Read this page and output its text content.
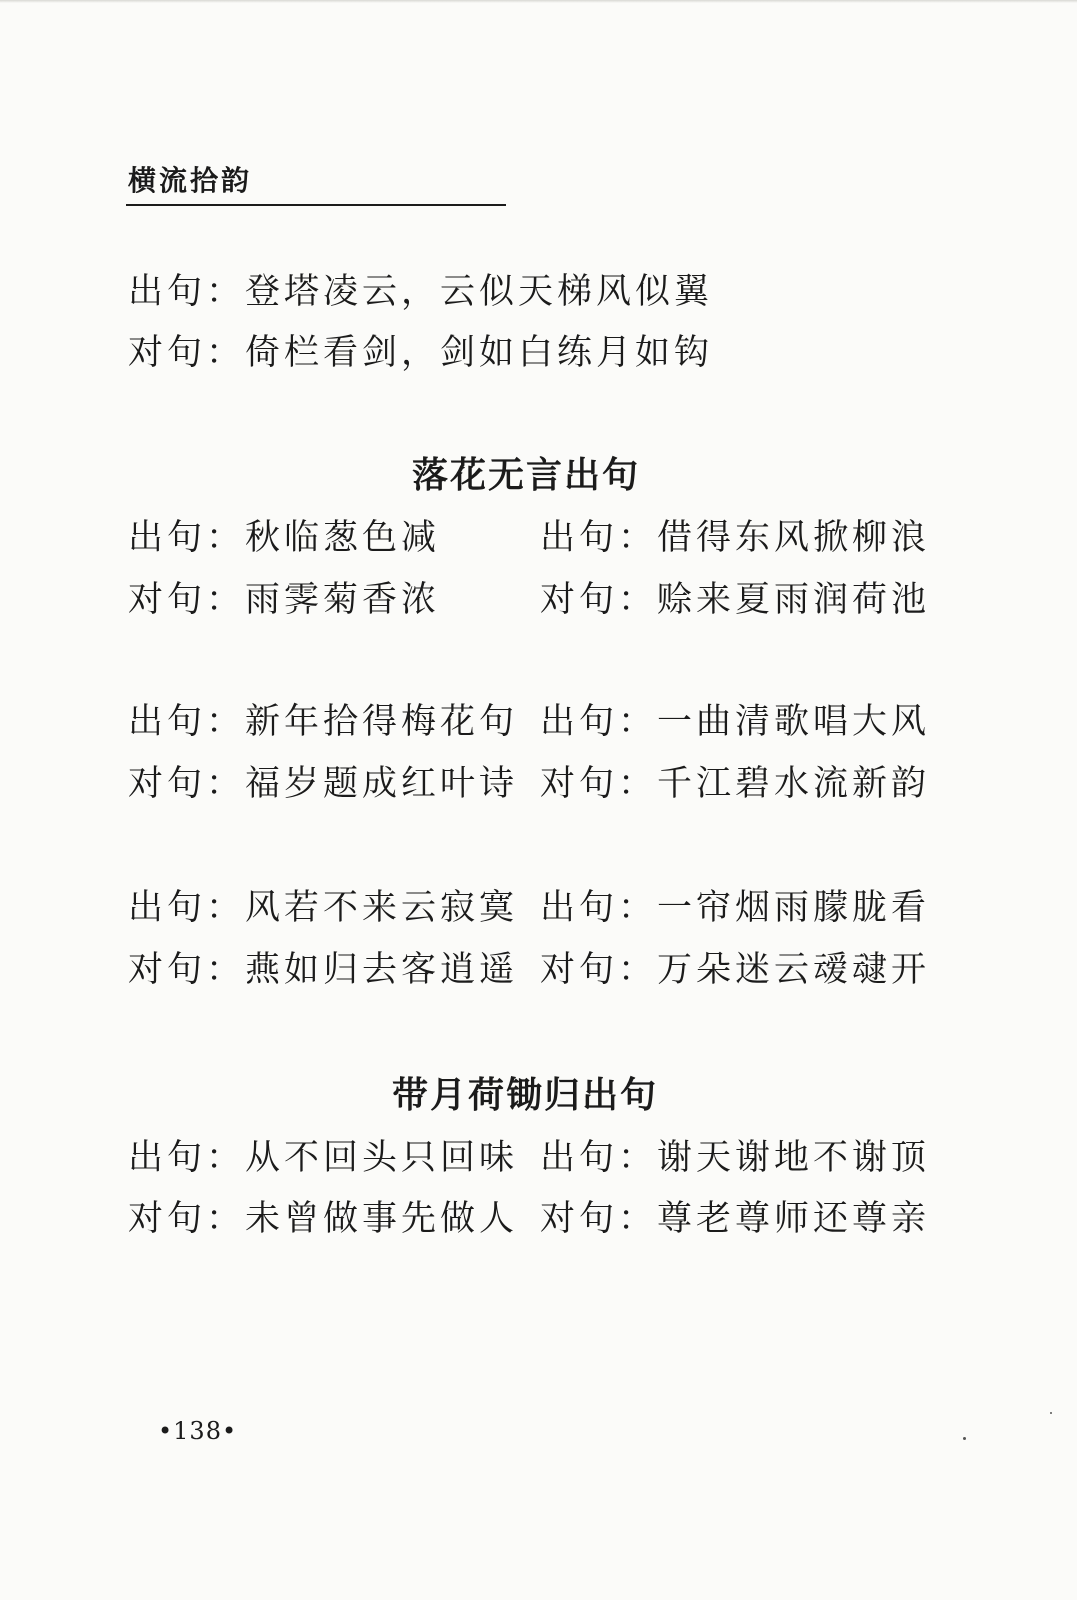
横流拾韵
出句：登塔凌云，云似天梯风似翼
对句：倚栏看剑，剑如白练月如钩
落花无言出句
出句：秋临葱色减
对句：雨霁菊香浓
出句：借得东风掀柳浪
对句：赊来夏雨润荷池
出句：新年拾得梅花句
对句：福岁题成红叶诗
出句：一曲清歌唱大风
对句：千江碧水流新韵
出句：风若不来云寂寞
对句：燕如归去客逍遥
出句：一帘烟雨朦胧看
对句：万朵迷云叆叇开
带月荷锄归出句
出句：从不回头只回味
对句：未曾做事先做人
出句：谢天谢地不谢顶
对句：尊老尊师还尊亲
•138•
